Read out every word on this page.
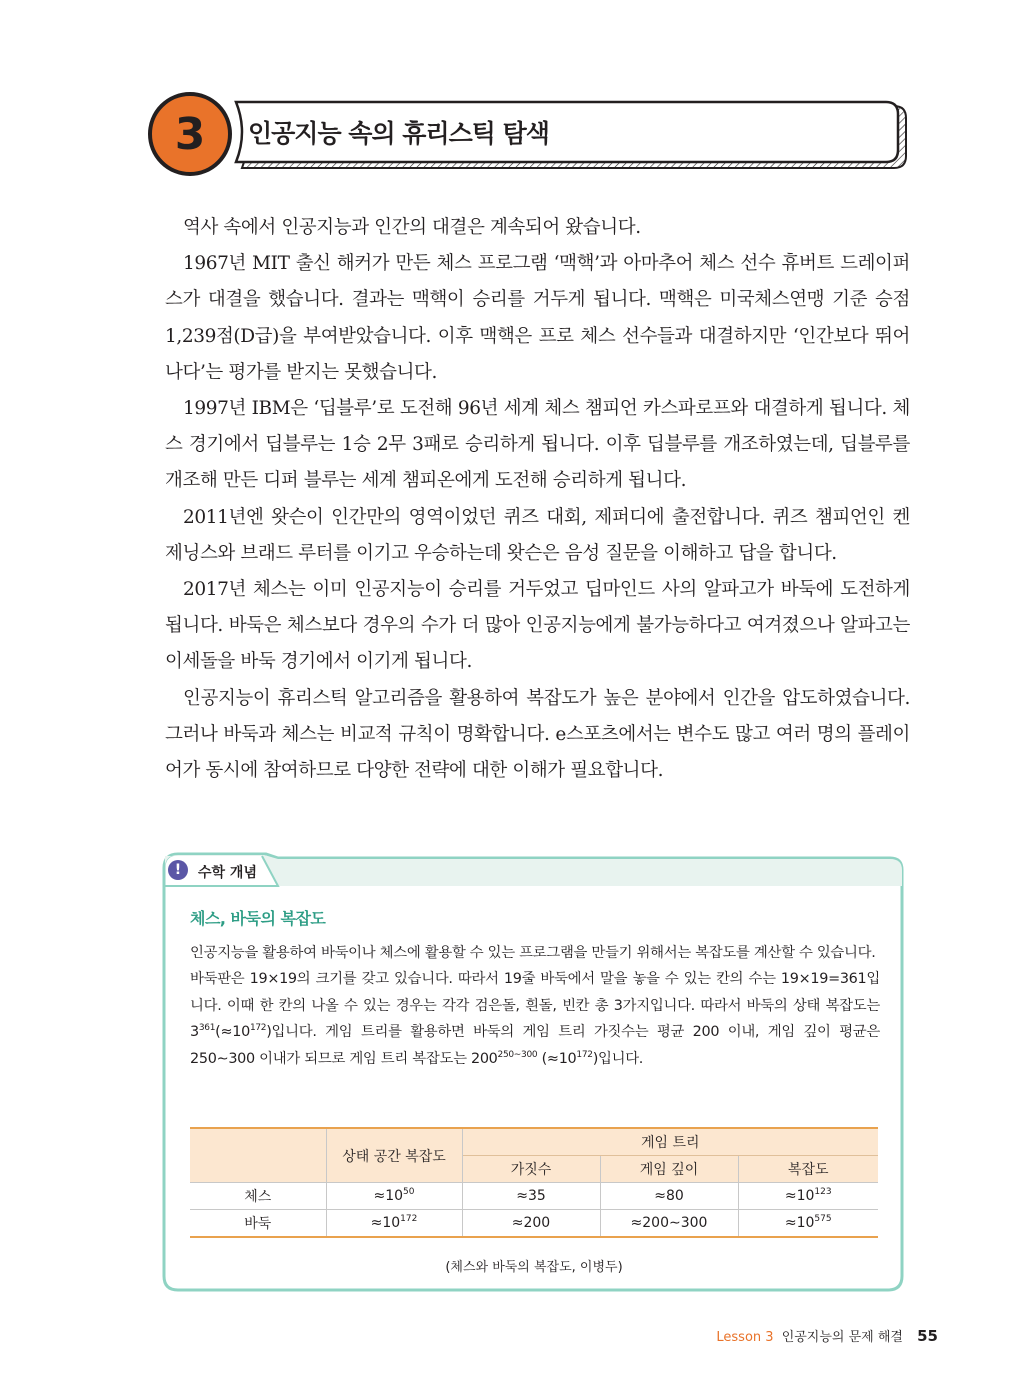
3 인공지능 속의 휴리스틱 탐색

역사 속에서 인공지능과 인간의 대결은 계속되어 왔습니다.

1967년 MIT 출신 해커가 만든 체스 프로그램 ‘맥핵’과 아마추어 체스 선수 휴버트 드레이퍼스가 대결을 했습니다. 결과는 맥핵이 승리를 거두게 됩니다. 맥핵은 미국체스연맹 기준 승점 1,239점(D급)을 부여받았습니다. 이후 맥핵은 프로 체스 선수들과 대결하지만 ‘인간보다 뛰어나다’는 평가를 받지는 못했습니다.

1997년 IBM은 ‘딥블루’로 도전해 96년 세계 체스 챔피언 카스파로프와 대결하게 됩니다. 체스 경기에서 딥블루는 1승 2무 3패로 승리하게 됩니다. 이후 딥블루를 개조하였는데, 딥블루를 개조해 만든 디퍼 블루는 세계 챔피온에게 도전해 승리하게 됩니다.

2011년엔 왓슨이 인간만의 영역이었던 퀴즈 대회, 제퍼디에 출전합니다. 퀴즈 챔피언인 켄 제닝스와 브래드 루터를 이기고 우승하는데 왓슨은 음성 질문을 이해하고 답을 합니다.

2017년 체스는 이미 인공지능이 승리를 거두었고 딥마인드 사의 알파고가 바둑에 도전하게 됩니다. 바둑은 체스보다 경우의 수가 더 많아 인공지능에게 불가능하다고 여겨졌으나 알파고는 이세돌을 바둑 경기에서 이기게 됩니다.

인공지능이 휴리스틱 알고리즘을 활용하여 복잡도가 높은 분야에서 인간을 압도하였습니다. 그러나 바둑과 체스는 비교적 규칙이 명확합니다. e스포츠에서는 변수도 많고 여러 명의 플레이어가 동시에 참여하므로 다양한 전략에 대한 이해가 필요합니다.

!	수학 개념
체스, 바둑의 복잡도

인공지능을 활용하여 바둑이나 체스에 활용할 수 있는 프로그램을 만들기 위해서는 복잡도를 계산할 수 있습니다.

바둑판은 19×19의 크기를 갖고 있습니다. 따라서 19줄 바둑에서 말을 놓을 수 있는 칸의 수는 19×19=361입니다. 이때 한 칸의 나올 수 있는 경우는 각각 검은돌, 흰돌, 빈칸 총 3가지입니다. 따라서 바둑의 상태 복잡도는 $3^{361}(\approx 10^{172})$입니다. 게임 트리를 활용하면 바둑의 게임 트리 가짓수는 평균 200 이내, 게임 깊이 평균은 250∼300 이내가 되므로 게임 트리 복잡도는 $200^{250\sim 300}$ $(\approx 10^{172})$입니다.

	상태 공간 복잡도	게임 트리		
		가짓수	게임 깊이	복잡도
체스	$\approx 10^{50}$	≈35	≈80	$\approx 10^{123}$
바둑	$\approx 10^{172}$	≈200	≈200∼300	$\approx 10^{575}$
(체스와 바둑의 복잡도, 이병두)
Lesson 3 인공지능의 문제 해결 55
